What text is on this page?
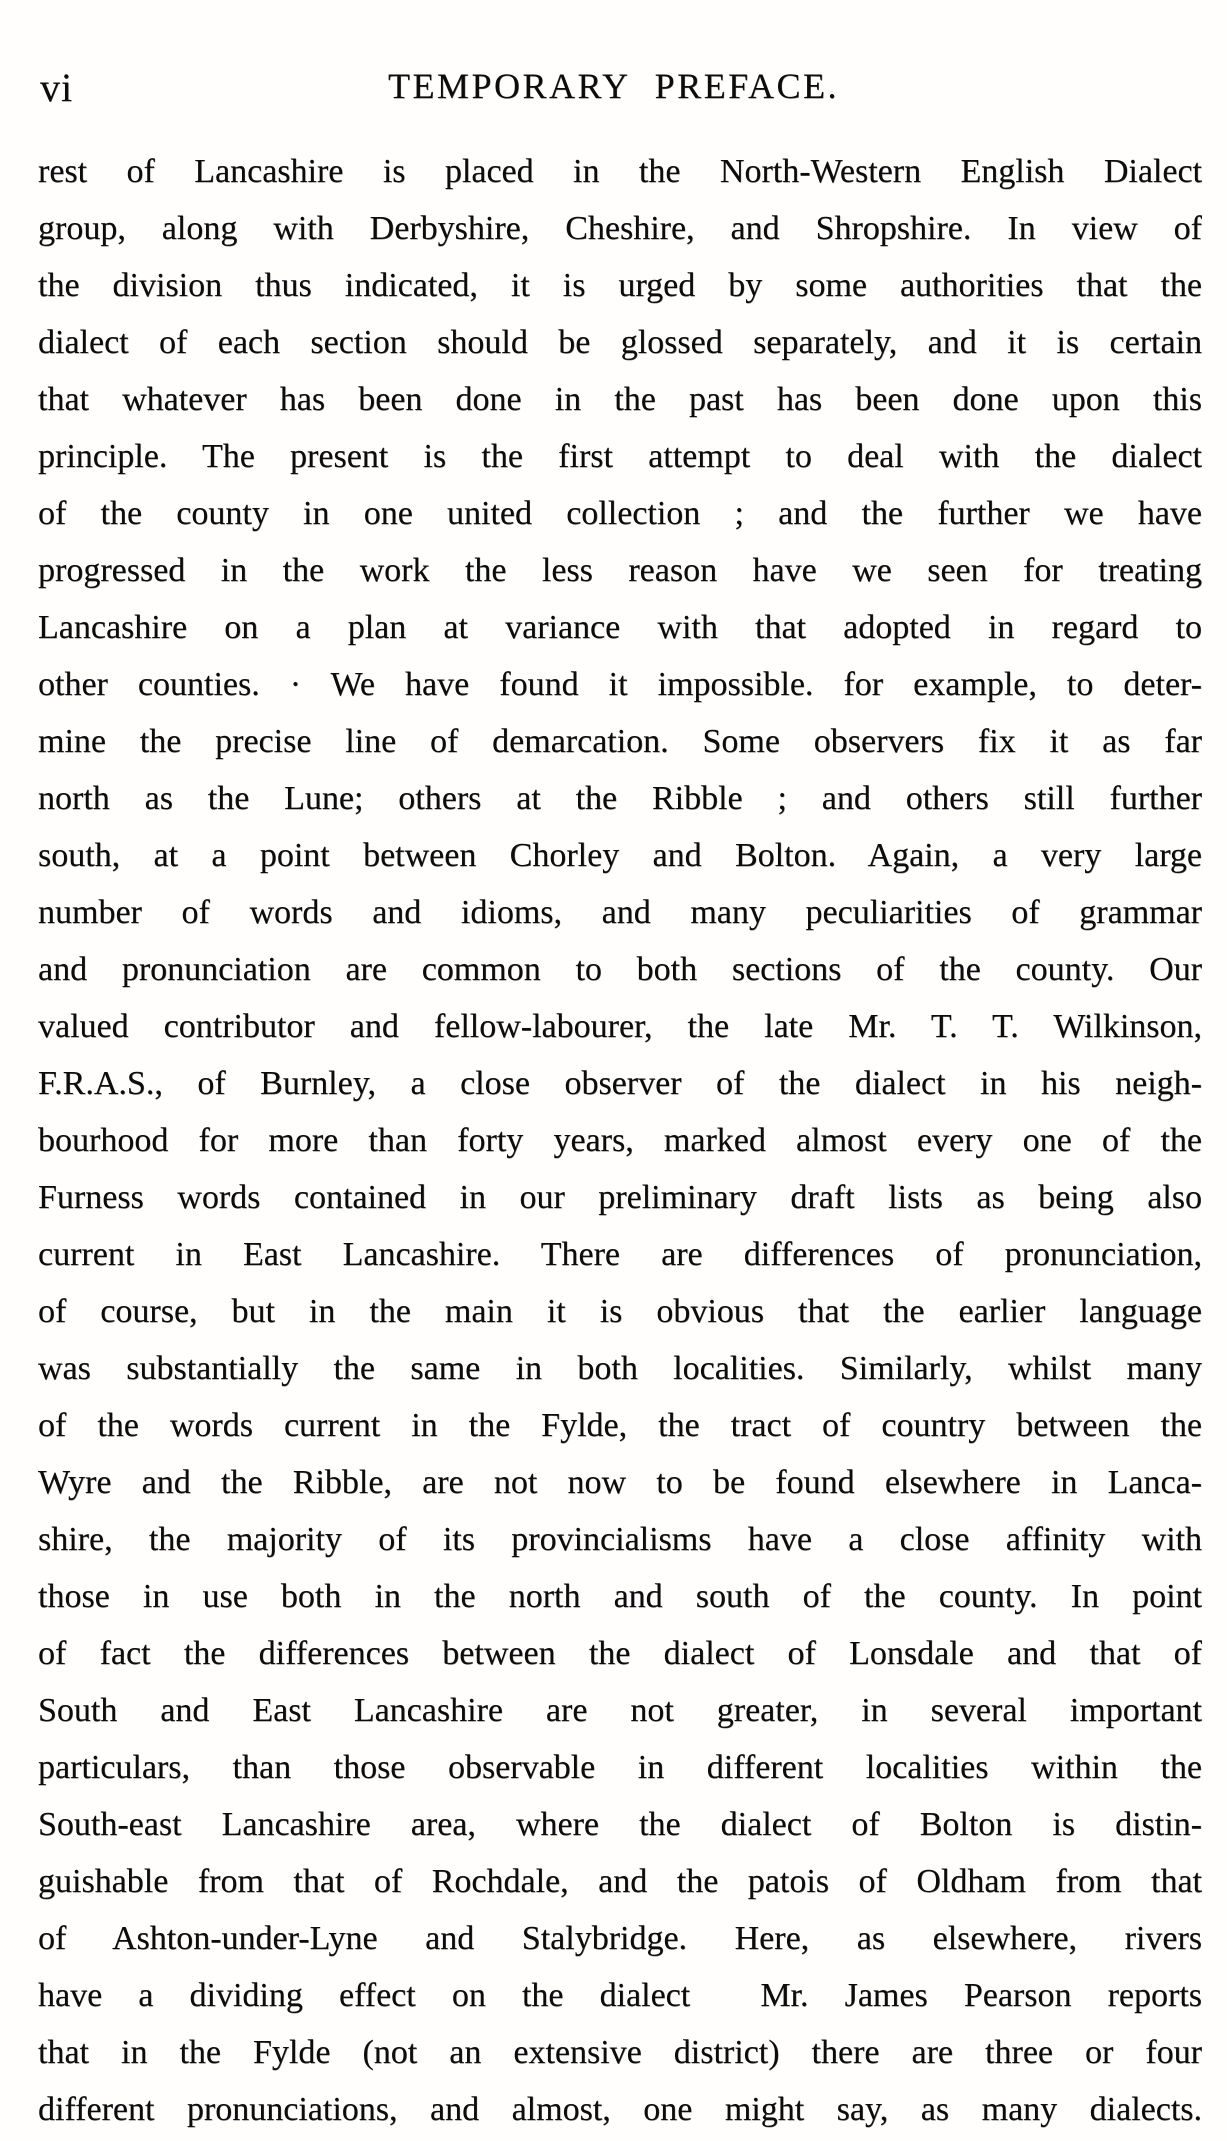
vi	TEMPORARY PREFACE.
rest of Lancashire is placed in the North-Western English Dialect
group, along with Derbyshire, Cheshire, and Shropshire. In view of
the division thus indicated, it is urged by some authorities that the
dialect of each section should be glossed separately, and it is certain
that whatever has been done in the past has been done upon this
principle. The present is the first attempt to deal with the dialect
of the county in one united collection ; and the further we have
progressed in the work the less reason have we seen for treating
Lancashire on a plan at variance with that adopted in regard to
other counties. · We have found it impossible. for example, to deter-
mine the precise line of demarcation. Some observers fix it as far
north as the Lune; others at the Ribble ; and others still further
south, at a point between Chorley and Bolton. Again, a very large
number of words and idioms, and many peculiarities of grammar
and pronunciation are common to both sections of the county. Our
valued contributor and fellow-labourer, the late Mr. T. T. Wilkinson,
F.R.A.S., of Burnley, a close observer of the dialect in his neigh-
bourhood for more than forty years, marked almost every one of the
Furness words contained in our preliminary draft lists as being also
current in East Lancashire. There are differences of pronunciation,
of course, but in the main it is obvious that the earlier language
was substantially the same in both localities. Similarly, whilst many
of the words current in the Fylde, the tract of country between the
Wyre and the Ribble, are not now to be found elsewhere in Lanca-
shire, the majority of its provincialisms have a close affinity with
those in use both in the north and south of the county. In point
of fact the differences between the dialect of Lonsdale and that of
South and East Lancashire are not greater, in several important
particulars, than those observable in different localities within the
South-east Lancashire area, where the dialect of Bolton is distin-
guishable from that of Rochdale, and the patois of Oldham from that
of Ashton-under-Lyne and Stalybridge. Here, as elsewhere, rivers
have a dividing effect on the dialect   Mr. James Pearson reports
that in the Fylde (not an extensive district) there are three or four
different pronunciations, and almost, one might say, as many dialects.
